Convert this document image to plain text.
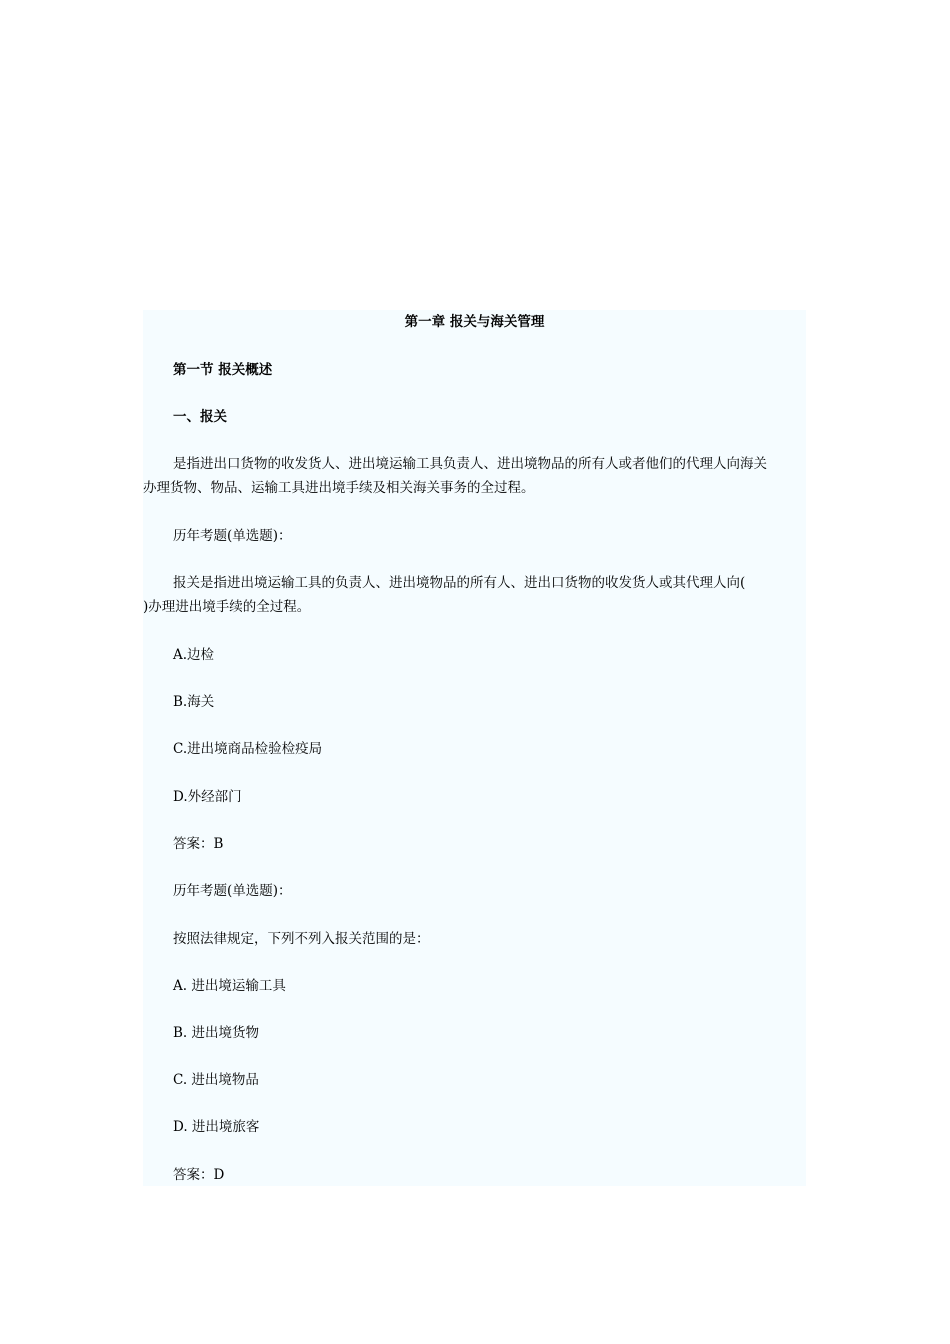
第一章 报关与海关管理
第一节 报关概述
一、报关
是指进出口货物的收发货人、进出境运输工具负责人、进出境物品的所有人或者他们的代理人向海关
办理货物、物品、运输工具进出境手续及相关海关事务的全过程。
历年考题(单选题)：
报关是指进出境运输工具的负责人、进出境物品的所有人、进出口货物的收发货人或其代理人向(
)办理进出境手续的全过程。
A.边检
B.海关
C.进出境商品检验检疫局
D.外经部门
答案：B
历年考题(单选题)：
按照法律规定，下列不列入报关范围的是：
A. 进出境运输工具
B. 进出境货物
C. 进出境物品
D. 进出境旅客
答案：D
